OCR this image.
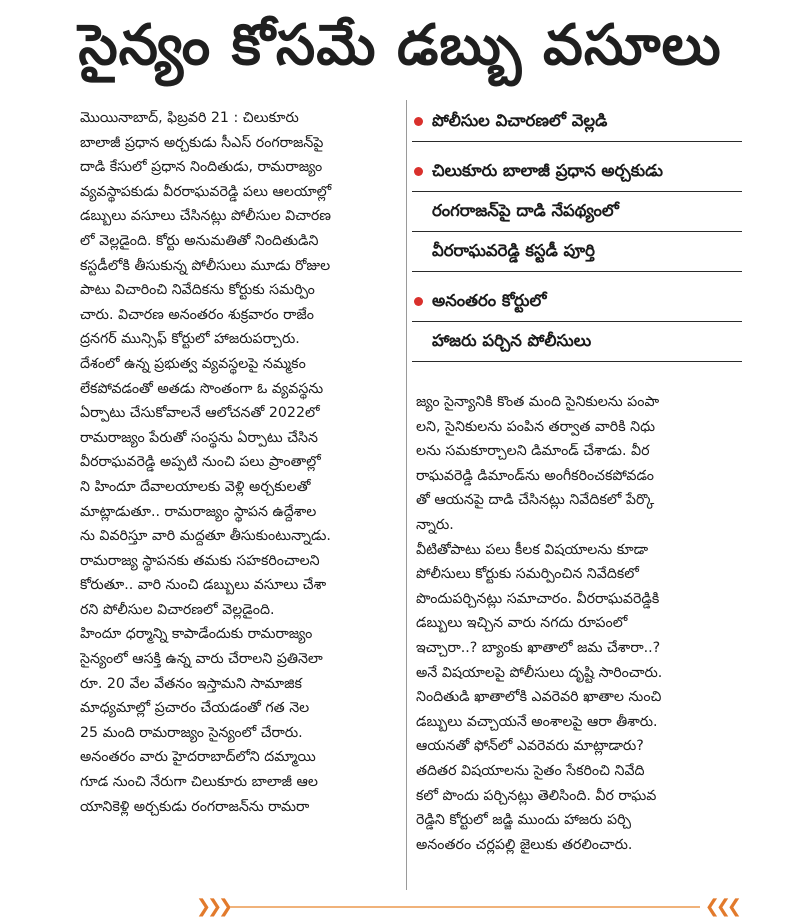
సైన్యం కోసమే డబ్బు వసూలు
మొయినాబాద్, ఫిబ్రవరి 21 : చిలుకూరు
బాలాజీ ప్రధాన అర్చకుడు సీఎస్ రంగరాజన్‌పై
దాడి కేసులో ప్రధాన నిందితుడు, రామరాజ్యం
వ్యవస్థాపకుడు వీరరాఘవరెడ్డి పలు ఆలయాల్లో
డబ్బులు వసూలు చేసినట్లు పోలీసుల విచారణ
లో వెల్లడైంది. కోర్టు అనుమతితో నిందితుడిని
కస్టడీలోకి తీసుకున్న పోలీసులు మూడు రోజుల
పాటు విచారించి నివేదికను కోర్టుకు సమర్పిం
చారు. విచారణ అనంతరం శుక్రవారం రాజేం
ద్రనగర్ మున్సిఫ్ కోర్టులో హాజరుపర్చారు.
దేశంలో ఉన్న ప్రభుత్వ వ్యవస్థలపై నమ్మకం
లేకపోవడంతో అతడు సొంతంగా ఓ వ్యవస్థను
ఏర్పాటు చేసుకోవాలనే ఆలోచనతో 2022లో
రామరాజ్యం పేరుతో సంస్థను ఏర్పాటు చేసిన
వీరరాఘవరెడ్డి అప్పటి నుంచి పలు ప్రాంతాల్లో
ని హిందూ దేవాలయాలకు వెళ్లి అర్చకులతో
మాట్లాడుతూ.. రామరాజ్యం స్థాపన ఉద్దేశాల
ను వివరిస్తూ వారి మద్దతూ తీసుకుంటున్నాడు.
రామరాజ్య స్థాపనకు తమకు సహకరించాలని
కోరుతూ.. వారి నుంచి డబ్బులు వసూలు చేశా
రని పోలీసుల విచారణలో వెల్లడైంది.
హిందూ ధర్మాన్ని కాపాడేందుకు రామరాజ్యం
సైన్యంలో ఆసక్తి ఉన్న వారు చేరాలని ప్రతినెలా
రూ. 20 వేల వేతనం ఇస్తామని సామాజిక
మాధ్యమాల్లో ప్రచారం చేయడంతో గత నెల
25 మంది రామరాజ్యం సైన్యంలో చేరారు.
అనంతరం వారు హైదరాబాద్‌లోని దమ్మాయి
గూడ నుంచి నేరుగా చిలుకూరు బాలాజీ ఆల
యానికెళ్లి అర్చకుడు రంగరాజన్‌ను రామరా
పోలీసుల విచారణలో వెల్లడి
చిలుకూరు బాలాజీ ప్రధాన అర్చకుడు
రంగరాజన్‌పై దాడి నేపథ్యంలో
వీరరాఘవరెడ్డి కస్టడీ పూర్తి
అనంతరం కోర్టులో
హాజరు పర్చిన పోలీసులు
జ్యం సైన్యానికి కొంత మంది సైనికులను పంపా
లని, సైనికులను పంపిన తర్వాత వారికి నిధు
లను సమకూర్చాలని డిమాండ్ చేశాడు. వీర
రాఘవరెడ్డి డిమాండ్‌ను అంగీకరించకపోవడం
తో ఆయనపై దాడి చేసినట్లు నివేదికలో పేర్కొ
న్నారు.
వీటితోపాటు పలు కీలక విషయాలను కూడా
పోలీసులు కోర్టుకు సమర్పించిన నివేదికలో
పొందుపర్చినట్లు సమాచారం. వీరరాఘవరెడ్డికి
డబ్బులు ఇచ్చిన వారు నగదు రూపంలో
ఇచ్చారా..? బ్యాంకు ఖాతాలో జమ చేశారా..?
అనే విషయాలపై పోలీసులు దృష్టి సారించారు.
నిందితుడి ఖాతాలోకి ఎవరెవరి ఖాతాల నుంచి
డబ్బులు వచ్చాయనే అంశాలపై ఆరా తీశారు.
ఆయనతో ఫోన్‌లో ఎవరెవరు మాట్లాడారు?
తదితర విషయాలను సైతం సేకరించి నివేది
కలో పొందు పర్చినట్లు తెలిసింది. వీర రాఘవ
రెడ్డిని కోర్టులో జడ్జి ముందు హాజరు పర్చి
అనంతరం చర్లపల్లి జైలుకు తరలించారు.
❯❯❯	❮❮❮
